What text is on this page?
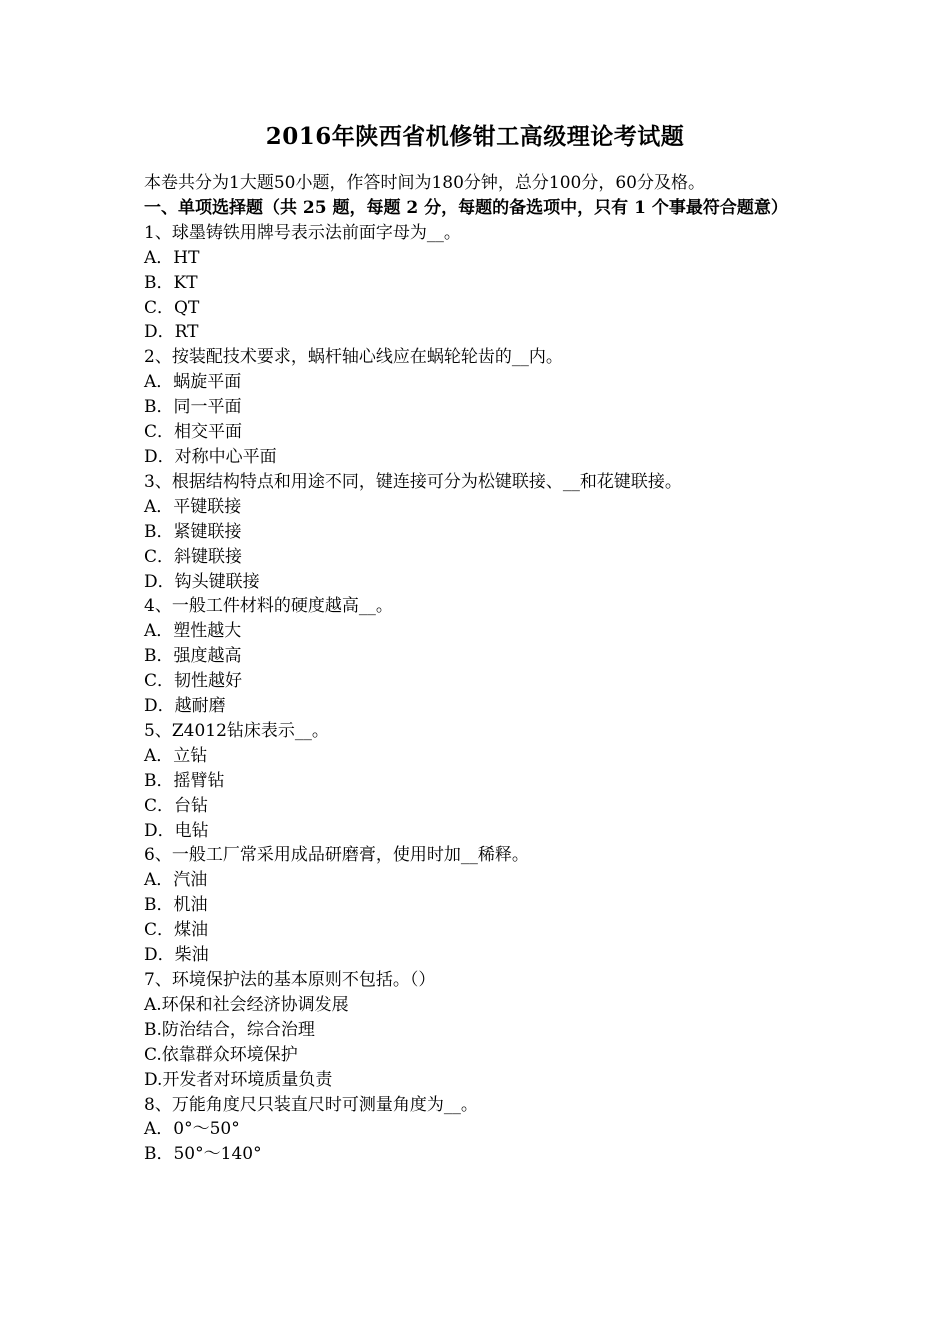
2016年陕西省机修钳工高级理论考试题

本卷共分为1大题50小题，作答时间为180分钟，总分100分，60分及格。

一、单项选择题（共 25 题，每题 2 分，每题的备选项中，只有 1 个事最符合题意）

1、球墨铸铁用牌号表示法前面字母为__。

A．HT

B．KT

C．QT

D．RT

2、按装配技术要求，蜗杆轴心线应在蜗轮轮齿的__内。

A．蜗旋平面

B．同一平面

C．相交平面

D．对称中心平面

3、根据结构特点和用途不同，键连接可分为松键联接、__和花键联接。

A．平键联接

B．紧键联接

C．斜键联接

D．钩头键联接

4、一般工件材料的硬度越高__。

A．塑性越大

B．强度越高

C．韧性越好

D．越耐磨

5、Z4012钻床表示__。

A．立钻

B．摇臂钻

C．台钻

D．电钻

6、一般工厂常采用成品研磨膏，使用时加__稀释。

A．汽油

B．机油

C．煤油

D．柴油

7、环境保护法的基本原则不包括。（）

A.环保和社会经济协调发展

B.防治结合，综合治理

C.依靠群众环境保护

D.开发者对环境质量负责

8、万能角度尺只装直尺时可测量角度为__。

A．0°～50°

B．50°～140°
